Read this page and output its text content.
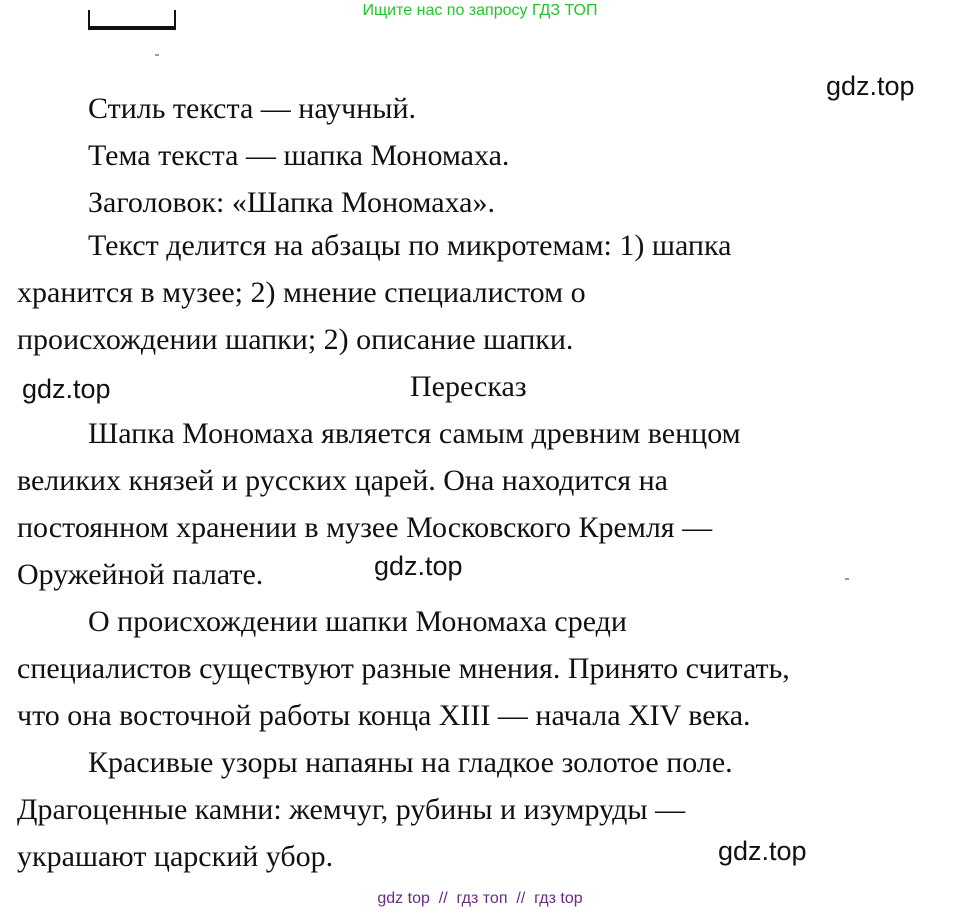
Ищите нас по запросу ГДЗ ТОП
Стиль текста — научный.
Тема текста — шапка Мономаха.
Заголовок: «Шапка Мономаха».
Текст делится на абзацы по микротемам: 1) шапка
хранится в музее; 2) мнение специалистом о
происхождении шапки; 2) описание шапки.
Пересказ
Шапка Мономаха является самым древним венцом
великих князей и русских царей. Она находится на
постоянном хранении в музее Московского Кремля —
Оружейной палате.
О происхождении шапки Мономаха среди
специалистов существуют разные мнения. Принято считать,
что она восточной работы конца XIII — начала XIV века.
Красивые узоры напаяны на гладкое золотое поле.
Драгоценные камни: жемчуг, рубины и изумруды —
украшают царский убор.
gdz.top
gdz.top
gdz.top
gdz.top
gdz top  //  гдз топ  //  гдз top
